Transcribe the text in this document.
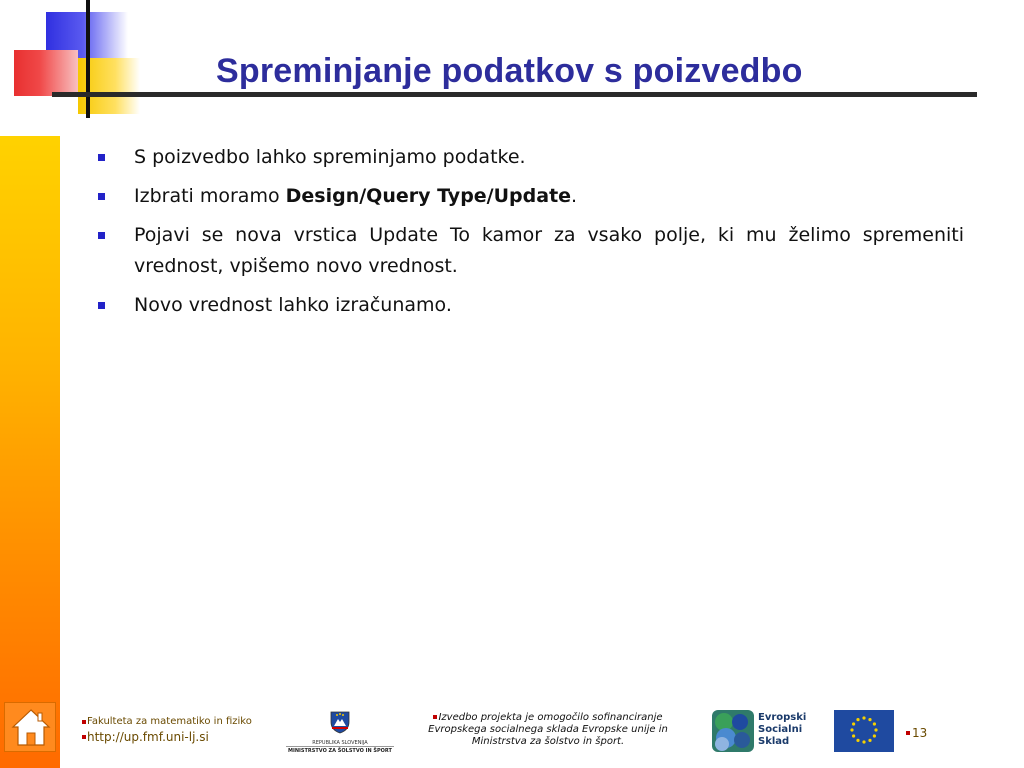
Spreminjanje podatkov s poizvedbo
S poizvedbo lahko spreminjamo podatke.
Izbrati moramo Design/Query Type/Update.
Pojavi se nova vrstica Update To kamor za vsako polje, ki mu želimo spremeniti vrednost, vpišemo novo vrednost.
Novo vrednost lahko izračunamo.
Fakulteta za matematiko in fiziko
http://up.fmf.uni-lj.si	REPUBLIKA SLOVENIJA
MINISTRSTVO ZA ŠOLSTVO IN ŠPORT
Izvedbo projekta je omogočilo sofinanciranje Evropskega socialnega sklada Evropske unije in Ministrstva za šolstvo in šport.
Evropski
Socialni
Sklad
13
